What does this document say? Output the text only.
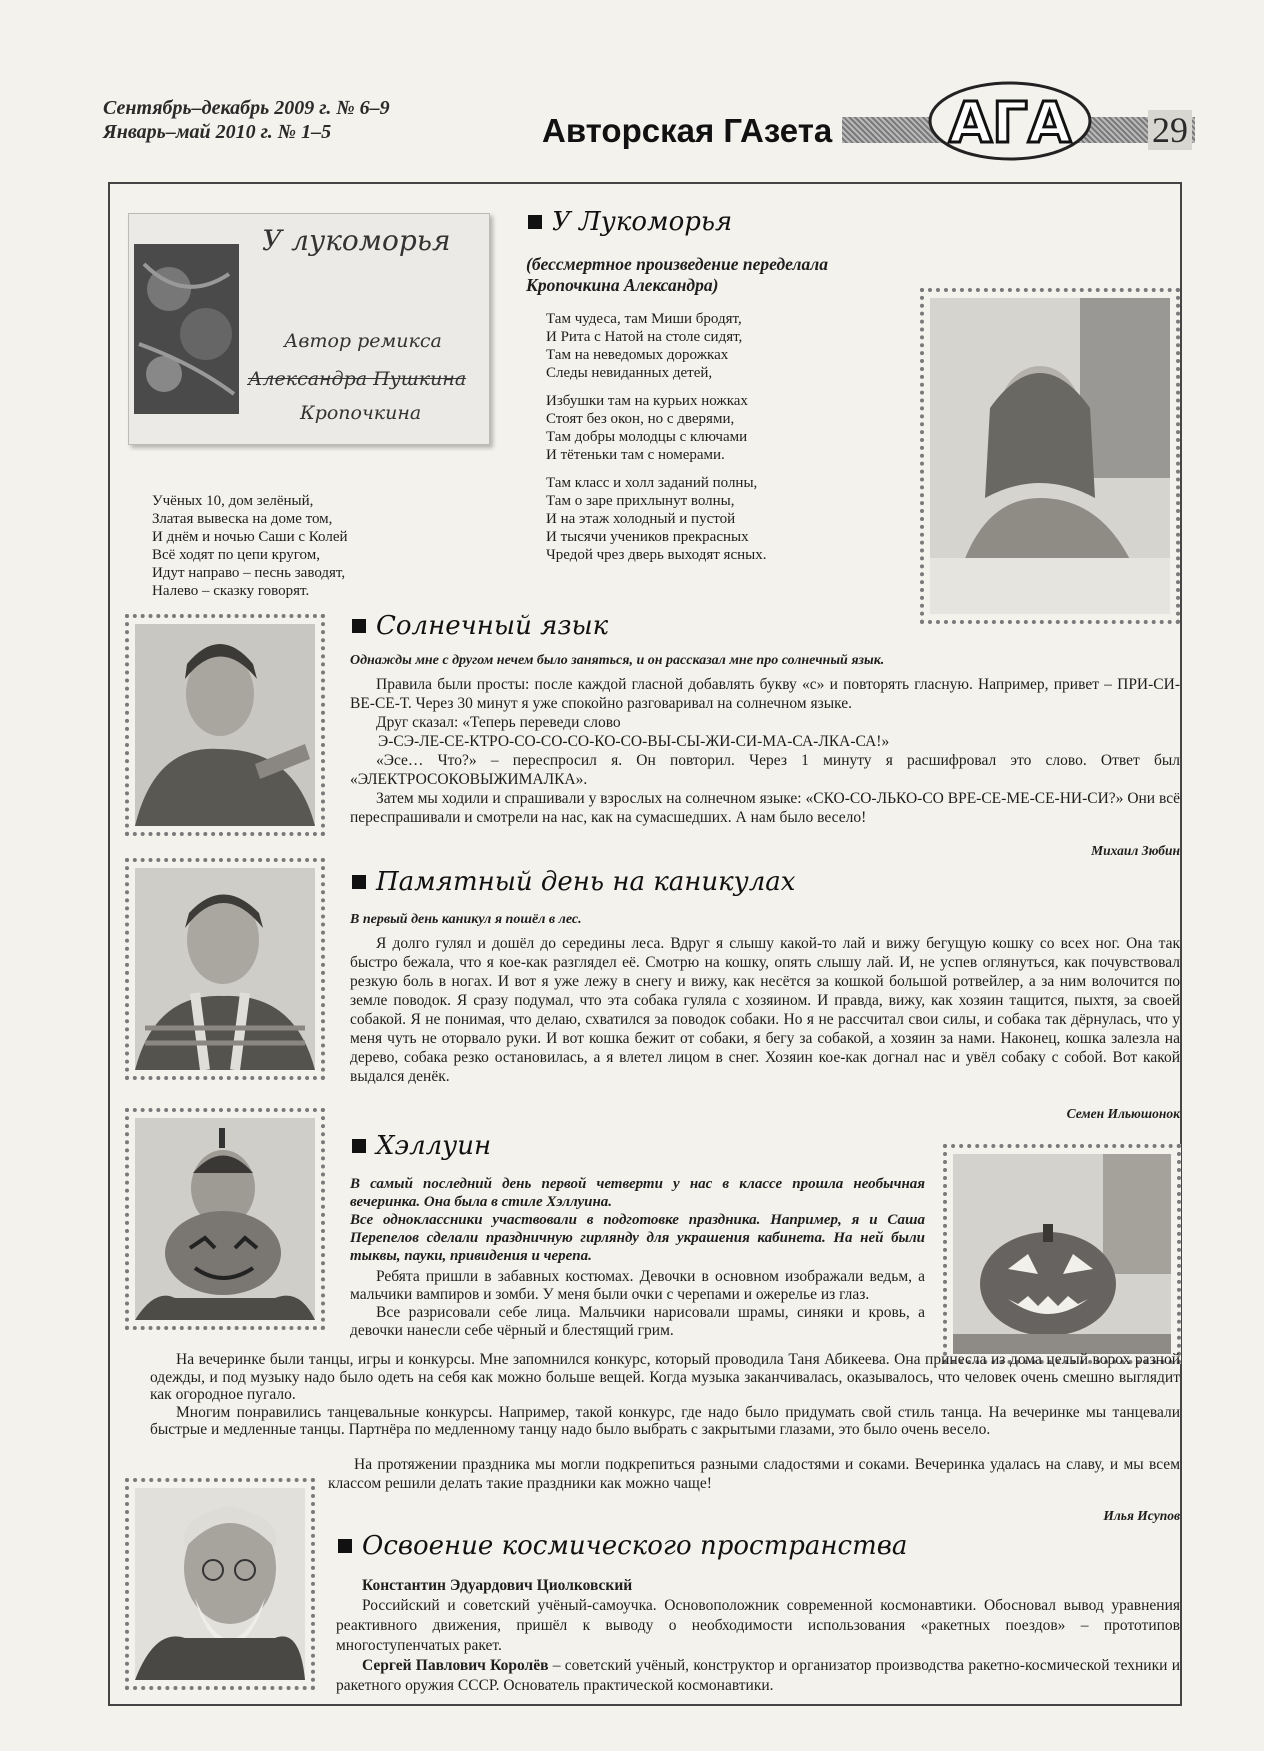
Сентябрь–декабрь 2009 г. № 6–9
Январь–май 2010 г. № 1–5	Авторская ГАзета АГА 29
У лукоморья
Автор ремикса
Александра Пушкина
Кропочкина
Учёных 10, дом зелёный,
Златая вывеска на доме том,
И днём и ночью Саши с Колей
Всё ходят по цепи кругом,
Идут направо – песнь заводят,
Налево – сказку говорят.
У Лукоморья
(бессмертное произведение переделала
Кропочкина Александра)
Там чудеса, там Миши бродят,
И Рита с Натой на столе сидят,
Там на неведомых дорожках
Следы невиданных детей,
Избушки там на курьих ножках
Стоят без окон, но с дверями,
Там добры молодцы с ключами
И тётеньки там с номерами.
Там класс и холл заданий полны,
Там о заре прихлынут волны,
И на этаж холодный и пустой
И тысячи учеников прекрасных
Чредой чрез дверь выходят ясных.
Солнечный язык
Однажды мне с другом нечем было заняться, и он рассказал мне про солнечный язык.

Правила были просты: после каждой гласной добавлять букву «с» и повторять гласную. Например, привет – ПРИ-СИ-ВЕ-СЕ-Т. Через 30 минут я уже спокойно разговаривал на солнечном языке.

Друг сказал: «Теперь переведи слово

Э-СЭ-ЛЕ-СЕ-КТРО-СО-СО-СО-КО-СО-ВЫ-СЫ-ЖИ-СИ-МА-СА-ЛКА-СА!»

«Эсе… Что?» – переспросил я. Он повторил. Через 1 минуту я расшифровал это слово. Ответ был «ЭЛЕКТРОСОКОВЫЖИМАЛКА».

Затем мы ходили и спрашивали у взрослых на солнечном языке: «СКО-СО-ЛЬКО-СО ВРЕ-СЕ-МЕ-СЕ-НИ-СИ?» Они всё переспрашивали и смотрели на нас, как на сумасшедших. А нам было весело!

Михаил Зюбин
Памятный день на каникулах
В первый день каникул я пошёл в лес.

Я долго гулял и дошёл до середины леса. Вдруг я слышу какой-то лай и вижу бегущую кошку со всех ног. Она так быстро бежала, что я кое-как разглядел её. Смотрю на кошку, опять слышу лай. И, не успев оглянуться, как почувствовал резкую боль в ногах. И вот я уже лежу в снегу и вижу, как несётся за кошкой большой ротвейлер, а за ним волочится по земле поводок. Я сразу подумал, что эта собака гуляла с хозяином. И правда, вижу, как хозяин тащится, пыхтя, за своей собакой. Я не понимая, что делаю, схватился за поводок собаки. Но я не рассчитал свои силы, и собака так дёрнулась, что у меня чуть не оторвало руки. И вот кошка бежит от собаки, я бегу за собакой, а хозяин за нами. Наконец, кошка залезла на дерево, собака резко остановилась, а я влетел лицом в снег. Хозяин кое-как догнал нас и увёл собаку с собой. Вот какой выдался денёк.

Семен Ильюшонок
Хэллуин

В самый последний день первой четверти у нас в классе прошла необычная вечеринка. Она была в стиле Хэллуина.

Все одноклассники участвовали в подготовке праздника. Например, я и Саша Перепелов сделали праздничную гирлянду для украшения кабинета. На ней были тыквы, пауки, привидения и черепа.

Ребята пришли в забавных костюмах. Девочки в основном изображали ведьм, а мальчики вампиров и зомби. У меня были очки с черепами и ожерелье из глаз.

Все разрисовали себе лица. Мальчики нарисовали шрамы, синяки и кровь, а девочки нанесли себе чёрный и блестящий грим.

На вечеринке были танцы, игры и конкурсы. Мне запомнился конкурс, который проводила Таня Абикеева. Она принесла из дома целый ворох разной одежды, и под музыку надо было одеть на себя как можно больше вещей. Когда музыка заканчивалась, оказывалось, что человек очень смешно выглядит как огородное пугало.

Многим понравились танцевальные конкурсы. Например, такой конкурс, где надо было придумать свой стиль танца. На вечеринке мы танцевали быстрые и медленные танцы. Партнёра по медленному танцу надо было выбрать с закрытыми глазами, это было очень весело.

На протяжении праздника мы могли подкрепиться разными сладостями и соками. Вечеринка удалась на славу, и мы всем классом решили делать такие праздники как можно чаще!

Илья Исупов
Освоение космического пространства

Константин Эдуардович Циолковский

Российский и советский учёный-самоучка. Основоположник современной космонавтики. Обосновал вывод уравнения реактивного движения, пришёл к выводу о необходимости использования «ракетных поездов» – прототипов многоступенчатых ракет.

Сергей Павлович Королёв – советский учёный, конструктор и организатор производства ракетно-космической техники и ракетного оружия СССР. Основатель практической космонавтики.
